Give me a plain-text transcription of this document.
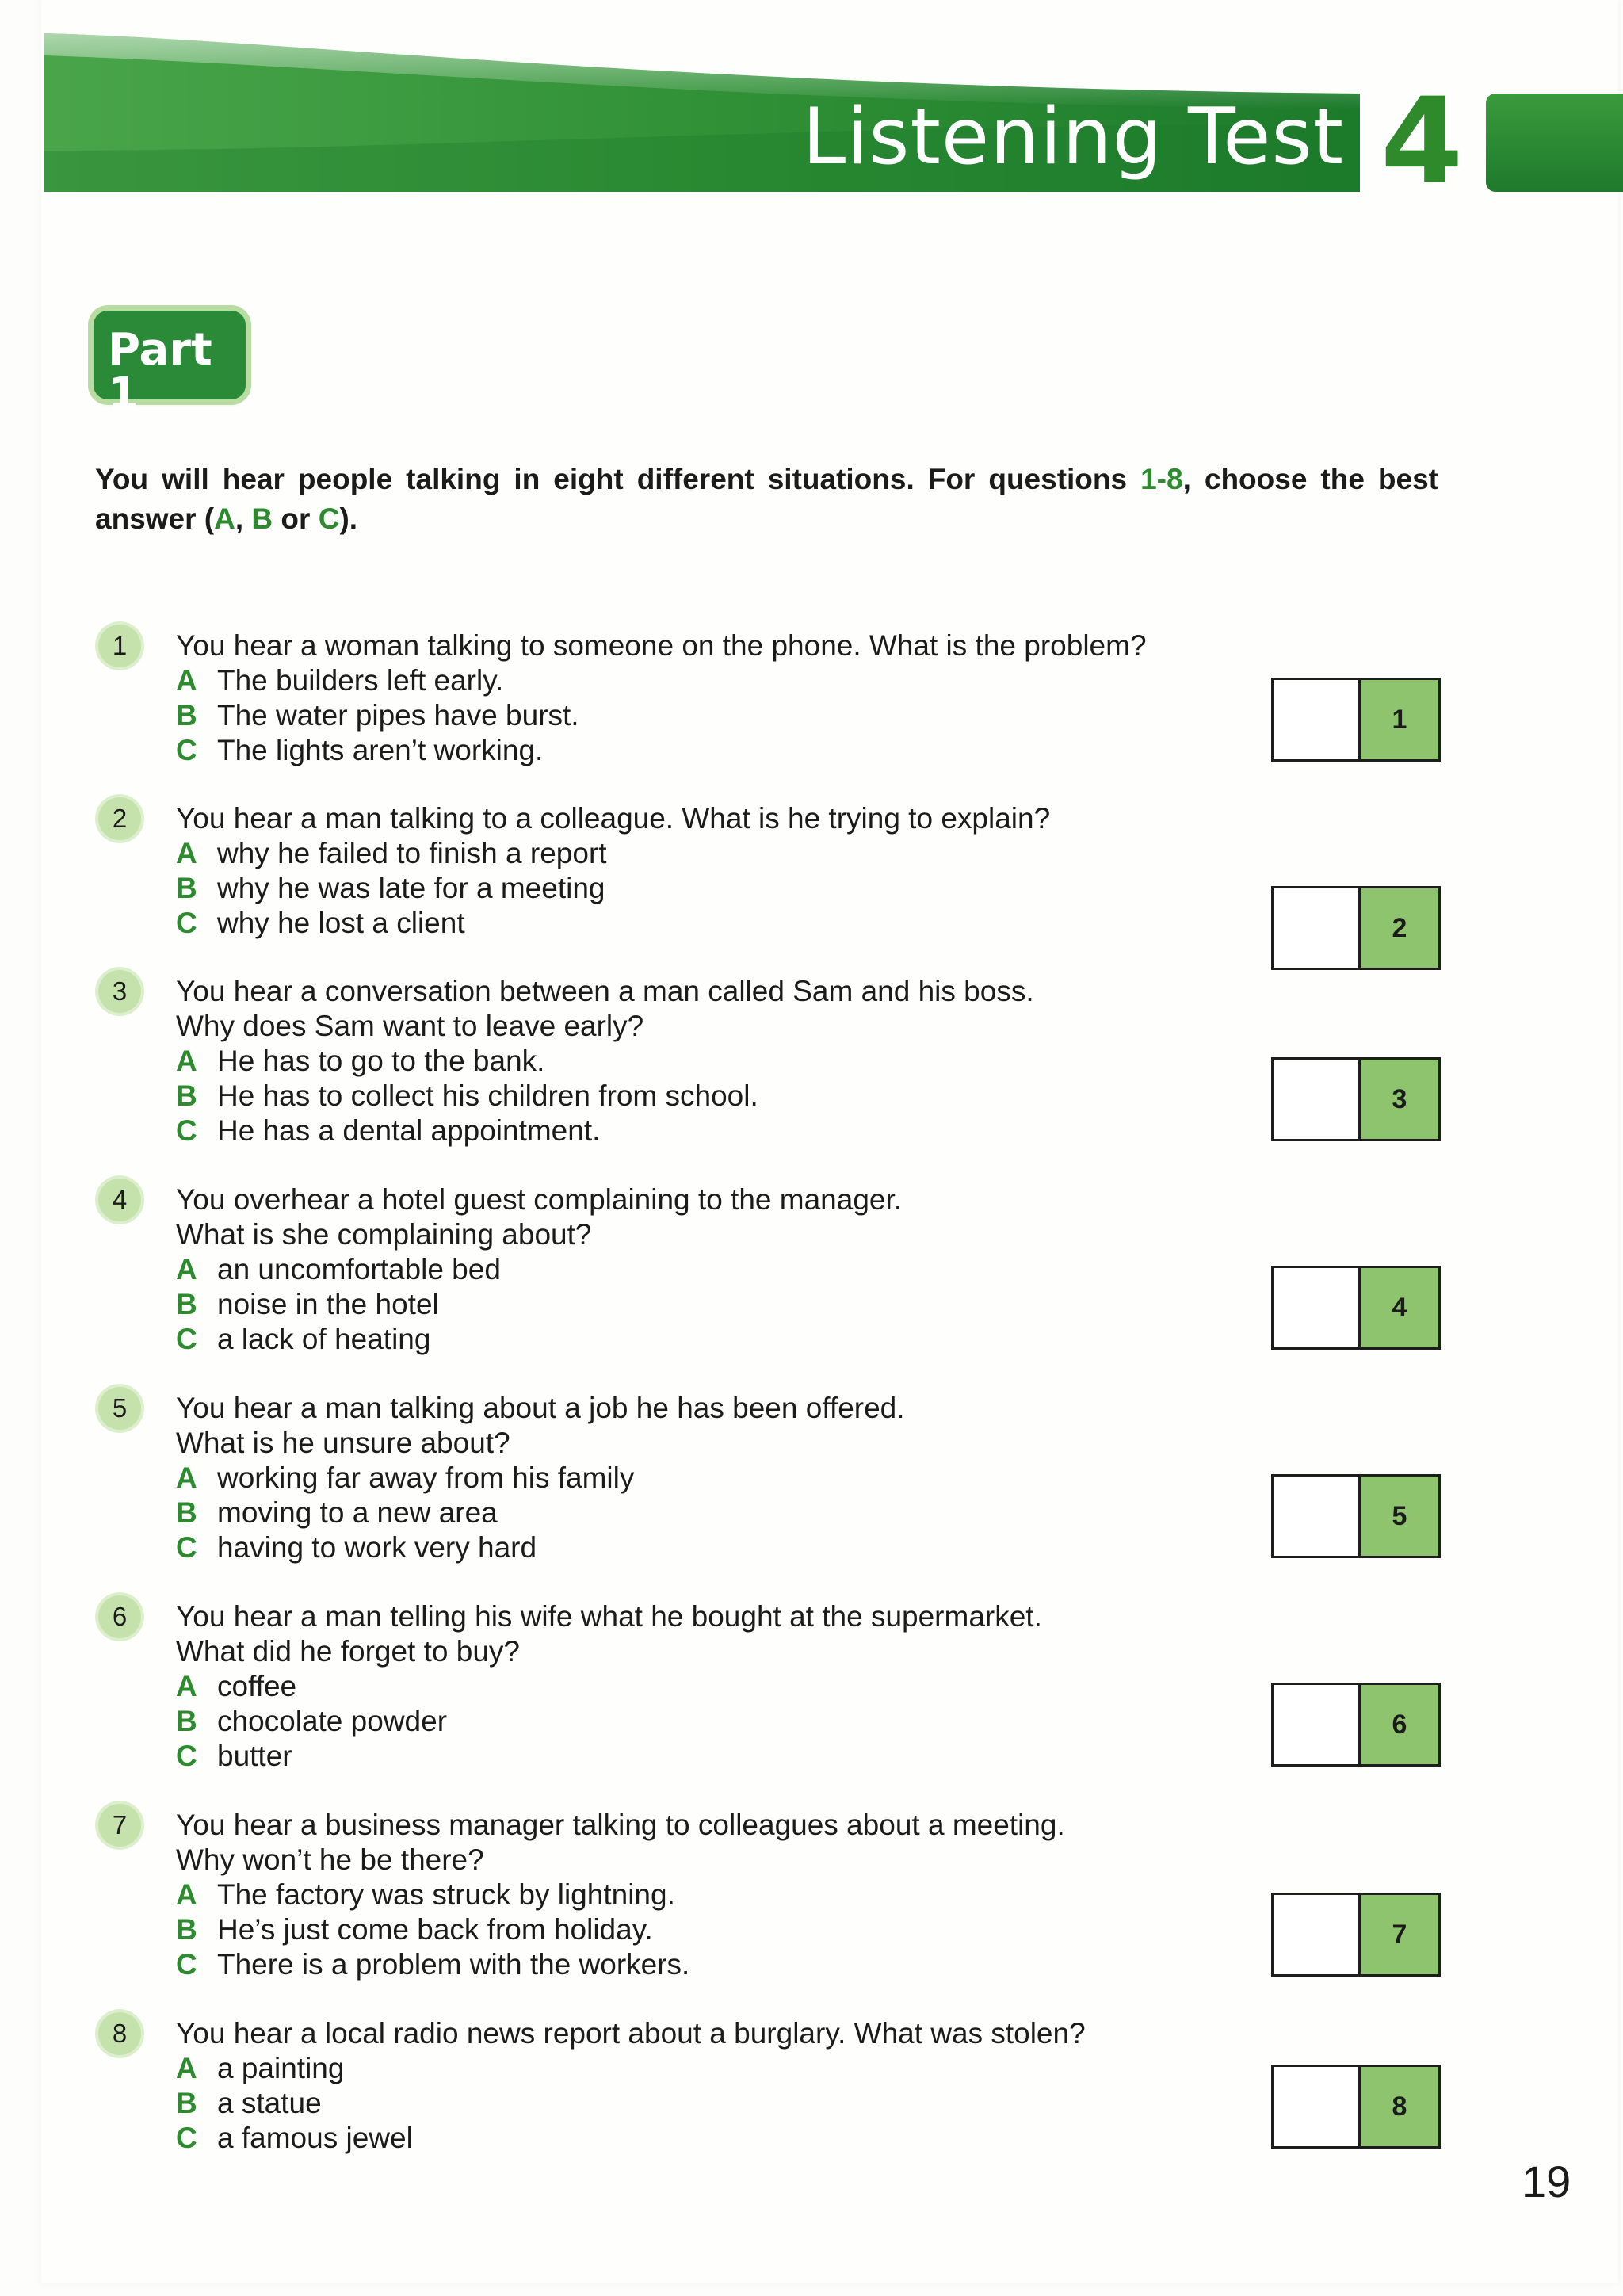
Listening Test 4
Part 1
You will hear people talking in eight different situations. For questions 1-8, choose the best answer (A, B or C).
1	You hear a woman talking to someone on the phone. What is the problem?
A The builders left early.
B The water pipes have burst.
C The lights aren’t working.
1
2	You hear a man talking to a colleague. What is he trying to explain?
A why he failed to finish a report
B why he was late for a meeting
C why he lost a client	2
3	You hear a conversation between a man called Sam and his boss.
Why does Sam want to leave early?
A He has to go to the bank.
B He has to collect his children from school.
C He has a dental appointment.
3
4	You overhear a hotel guest complaining to the manager.
What is she complaining about?
A an uncomfortable bed
B noise in the hotel
C a lack of heating
4
5	You hear a man talking about a job he has been offered.
What is he unsure about?
A working far away from his family
B moving to a new area
C having to work very hard
5
6	You hear a man telling his wife what he bought at the supermarket.
What did he forget to buy?
A coffee
B chocolate powder
C butter
6
7	You hear a business manager talking to colleagues about a meeting.
Why won’t he be there?
A The factory was struck by lightning.
B He’s just come back from holiday.
C There is a problem with the workers.
7
8	You hear a local radio news report about a burglary. What was stolen?
A a painting
B a statue
C a famous jewel
8
19
